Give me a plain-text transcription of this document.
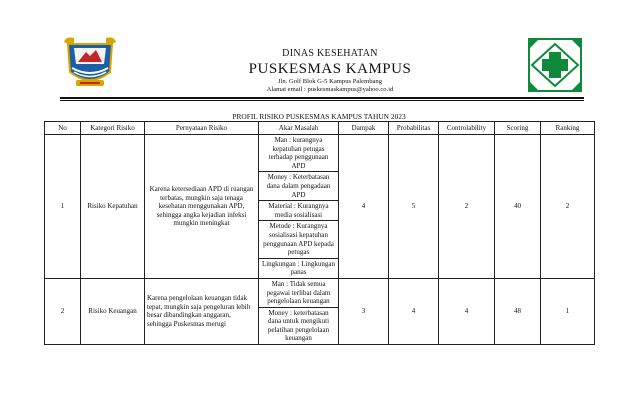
DINAS KESEHATAN
PUSKESMAS KAMPUS
Jln. Golf Blok G-5 Kampus Palembang
Alamat email : puskesmaskampus@yahoo.co.id
PROFIL RISIKO PUSKESMAS KAMPUS TAHUN 2023
No	Kategori Risiko	Pernyataan Risiko	Akar Masalah	Dampak	Probabilitas	Controlability	Scoring	Ranking
1	Risiko Kepatuhan	Karena ketersediaan APD di ruangan terbatas, mungkin saja tenaga kesehatan menggunakan APD, sehingga angka kejadian infeksi mungkin meningkat	Man : kurangnya kepatuhan petugas terhadap penggunaan APD	4	5	2	40	2
			Money : Keterbatasan dana dalam pengadaan APD					
			Material : Kurangnya media sosialisasi					
			Metode : Kurangnya sosialisasi kepatuhan penggunaan APD kepada petugas					
			Lingkungan : Lingkungan panas					
2	Risiko Keuangan	Karena pengelolaan keuangan tidak tepat, mungkin saja pengeluran lebih besar dibandingkan anggaran, sehingga Puskesmas merugi	Man : Tidak semua pegawai terlibat dalam pengelolaan keuangan	3	4	4	48	1
			Money : keterbatasan dana untuk mengikuti pelatihan pengelolaan keuangan					
